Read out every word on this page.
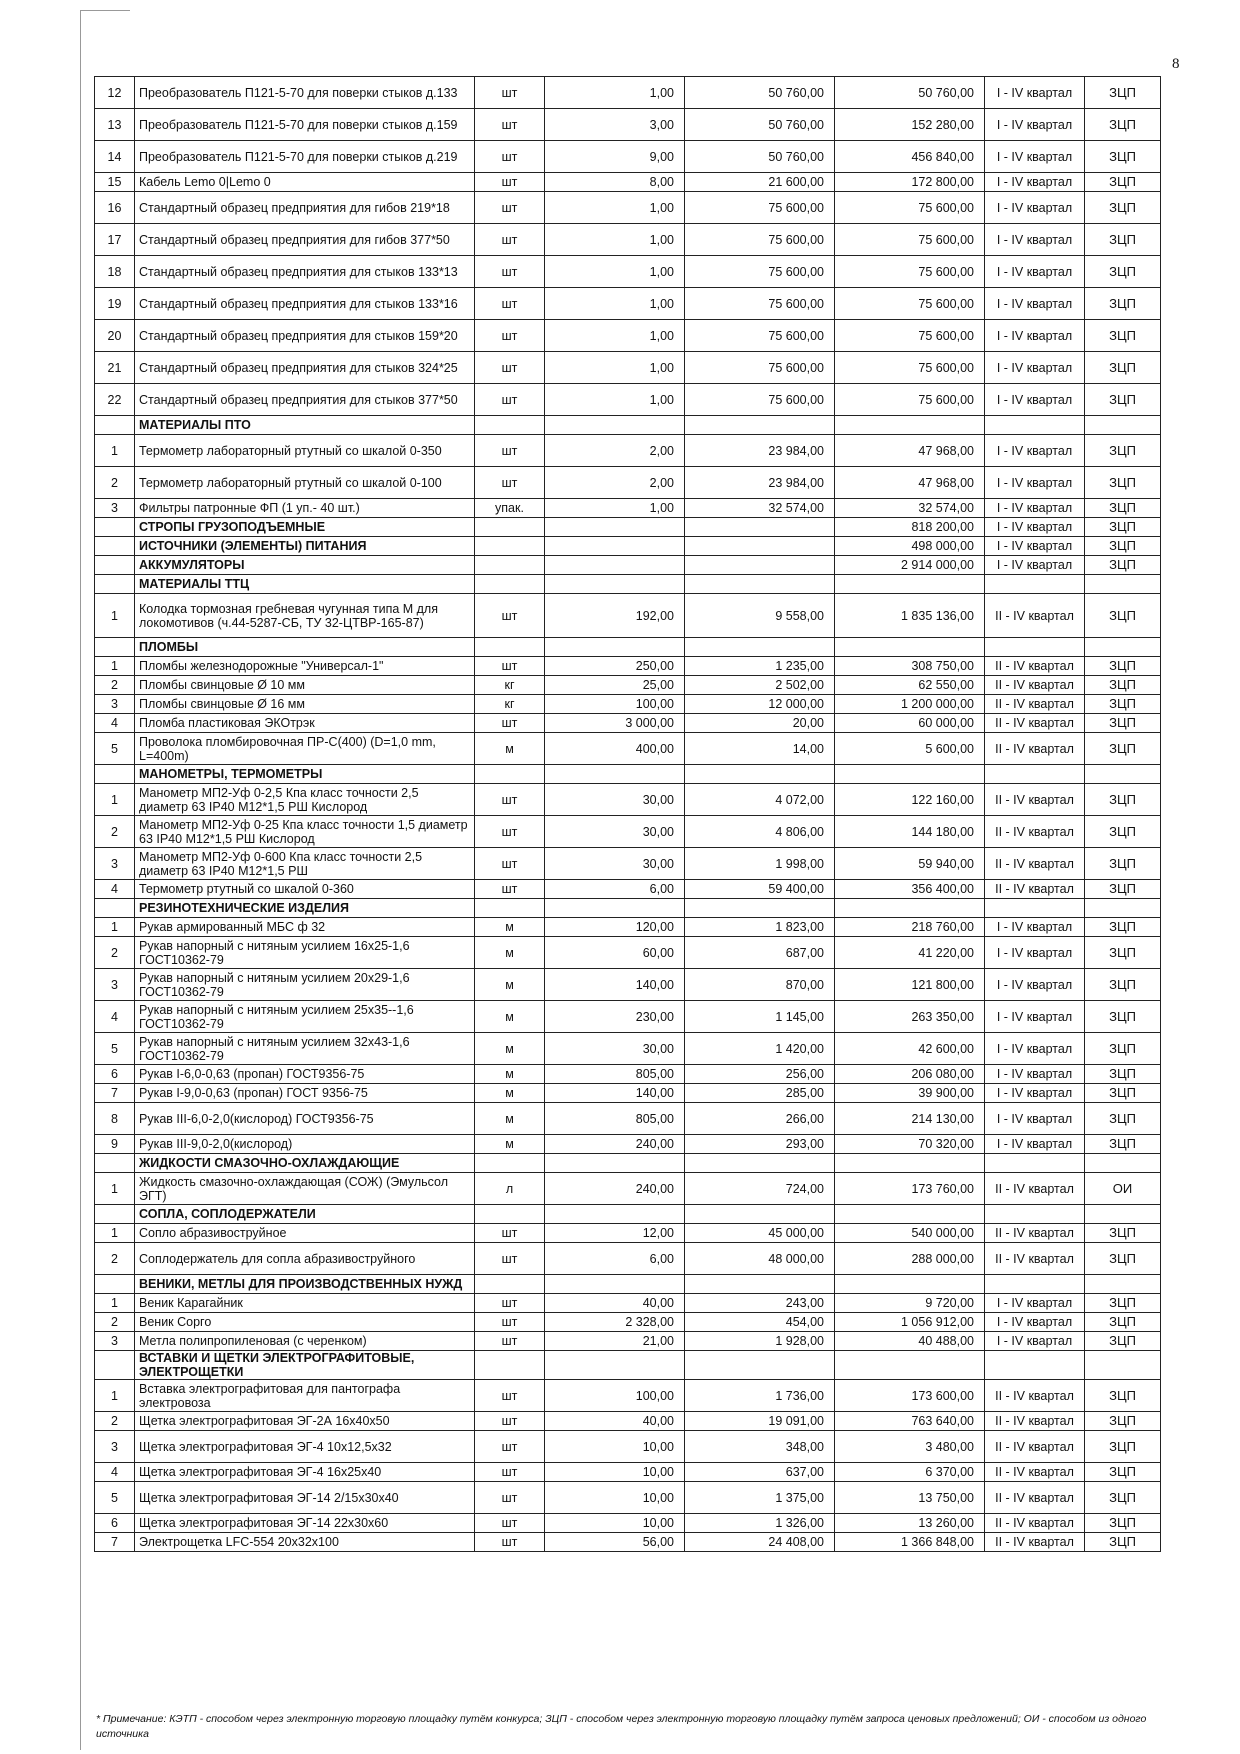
8
12	Преобразователь П121-5-70 для поверки стыков д.133	шт	1,00	50 760,00	50 760,00	I - IV квартал	ЗЦП
13	Преобразователь П121-5-70 для поверки стыков д.159	шт	3,00	50 760,00	152 280,00	I - IV квартал	ЗЦП
14	Преобразователь П121-5-70 для поверки стыков д.219	шт	9,00	50 760,00	456 840,00	I - IV квартал	ЗЦП
15	Кабель Lemo 0|Lemo 0	шт	8,00	21 600,00	172 800,00	I - IV квартал	ЗЦП
16	Стандартный образец предприятия для гибов 219*18	шт	1,00	75 600,00	75 600,00	I - IV квартал	ЗЦП
17	Стандартный образец предприятия для гибов 377*50	шт	1,00	75 600,00	75 600,00	I - IV квартал	ЗЦП
18	Стандартный образец предприятия для стыков 133*13	шт	1,00	75 600,00	75 600,00	I - IV квартал	ЗЦП
19	Стандартный образец предприятия для стыков 133*16	шт	1,00	75 600,00	75 600,00	I - IV квартал	ЗЦП
20	Стандартный образец предприятия для стыков 159*20	шт	1,00	75 600,00	75 600,00	I - IV квартал	ЗЦП
21	Стандартный образец предприятия для стыков 324*25	шт	1,00	75 600,00	75 600,00	I - IV квартал	ЗЦП
22	Стандартный образец предприятия для стыков 377*50	шт	1,00	75 600,00	75 600,00	I - IV квартал	ЗЦП
	МАТЕРИАЛЫ ПТО						
1	Термометр лабораторный ртутный со шкалой 0-350	шт	2,00	23 984,00	47 968,00	I - IV квартал	ЗЦП
2	Термометр лабораторный ртутный со шкалой 0-100	шт	2,00	23 984,00	47 968,00	I - IV квартал	ЗЦП
3	Фильтры патронные ФП (1 уп.- 40 шт.)	упак.	1,00	32 574,00	32 574,00	I - IV квартал	ЗЦП
	СТРОПЫ ГРУЗОПОДЪЕМНЫЕ				818 200,00	I - IV квартал	ЗЦП
	ИСТОЧНИКИ (ЭЛЕМЕНТЫ) ПИТАНИЯ				498 000,00	I - IV квартал	ЗЦП
	АККУМУЛЯТОРЫ				2 914 000,00	I - IV квартал	ЗЦП
	МАТЕРИАЛЫ ТТЦ						
1	Колодка тормозная гребневая чугунная типа М для локомотивов (ч.44-5287-СБ, ТУ 32-ЦТВР-165-87)	шт	192,00	9 558,00	1 835 136,00	II - IV квартал	ЗЦП
	ПЛОМБЫ						
1	Пломбы железнодорожные "Универсал-1"	шт	250,00	1 235,00	308 750,00	II - IV квартал	ЗЦП
2	Пломбы свинцовые Ø 10 мм	кг	25,00	2 502,00	62 550,00	II - IV квартал	ЗЦП
3	Пломбы свинцовые Ø 16 мм	кг	100,00	12 000,00	1 200 000,00	II - IV квартал	ЗЦП
4	Пломба пластиковая ЭКОтрэк	шт	3 000,00	20,00	60 000,00	II - IV квартал	ЗЦП
5	Проволока пломбировочная ПР-С(400) (D=1,0 mm, L=400m)	м	400,00	14,00	5 600,00	II - IV квартал	ЗЦП
	МАНОМЕТРЫ, ТЕРМОМЕТРЫ						
1	Манометр МП2-Уф 0-2,5 Кпа класс точности 2,5 диаметр 63 IP40 M12*1,5 РШ Кислород	шт	30,00	4 072,00	122 160,00	II - IV квартал	ЗЦП
2	Манометр МП2-Уф 0-25 Кпа класс точности 1,5 диаметр 63 IP40 M12*1,5 РШ Кислород	шт	30,00	4 806,00	144 180,00	II - IV квартал	ЗЦП
3	Манометр МП2-Уф 0-600 Кпа класс точности 2,5 диаметр 63 IP40 M12*1,5 РШ	шт	30,00	1 998,00	59 940,00	II - IV квартал	ЗЦП
4	Термометр ртутный со шкалой 0-360	шт	6,00	59 400,00	356 400,00	II - IV квартал	ЗЦП
	РЕЗИНОТЕХНИЧЕСКИЕ ИЗДЕЛИЯ						
1	Рукав армированный МБС ф 32	м	120,00	1 823,00	218 760,00	I - IV квартал	ЗЦП
2	Рукав напорный с нитяным усилием 16х25-1,6 ГОСТ10362-79	м	60,00	687,00	41 220,00	I - IV квартал	ЗЦП
3	Рукав напорный с нитяным усилием 20х29-1,6 ГОСТ10362-79	м	140,00	870,00	121 800,00	I - IV квартал	ЗЦП
4	Рукав напорный с нитяным усилием 25х35--1,6 ГОСТ10362-79	м	230,00	1 145,00	263 350,00	I - IV квартал	ЗЦП
5	Рукав напорный с нитяным усилием 32х43-1,6 ГОСТ10362-79	м	30,00	1 420,00	42 600,00	I - IV квартал	ЗЦП
6	Рукав I-6,0-0,63 (пропан) ГОСТ9356-75	м	805,00	256,00	206 080,00	I - IV квартал	ЗЦП
7	Рукав I-9,0-0,63 (пропан) ГОСТ 9356-75	м	140,00	285,00	39 900,00	I - IV квартал	ЗЦП
8	Рукав III-6,0-2,0(кислород) ГОСТ9356-75	м	805,00	266,00	214 130,00	I - IV квартал	ЗЦП
9	Рукав III-9,0-2,0(кислород)	м	240,00	293,00	70 320,00	I - IV квартал	ЗЦП
	ЖИДКОСТИ СМАЗОЧНО-ОХЛАЖДАЮЩИЕ						
1	Жидкость смазочно-охлаждающая (СОЖ) (Эмульсол ЭГТ)	л	240,00	724,00	173 760,00	II - IV квартал	ОИ
	СОПЛА, СОПЛОДЕРЖАТЕЛИ						
1	Сопло абразивоструйное	шт	12,00	45 000,00	540 000,00	II - IV квартал	ЗЦП
2	Соплодержатель для сопла абразивоструйного	шт	6,00	48 000,00	288 000,00	II - IV квартал	ЗЦП
	ВЕНИКИ, МЕТЛЫ ДЛЯ ПРОИЗВОДСТВЕННЫХ НУЖД						
1	Веник Карагайник	шт	40,00	243,00	9 720,00	I - IV квартал	ЗЦП
2	Веник Сорго	шт	2 328,00	454,00	1 056 912,00	I - IV квартал	ЗЦП
3	Метла полипропиленовая (с черенком)	шт	21,00	1 928,00	40 488,00	I - IV квартал	ЗЦП
	ВСТАВКИ И ЩЕТКИ ЭЛЕКТРОГРАФИТОВЫЕ, ЭЛЕКТРОЩЕТКИ						
1	Вставка электрографитовая для пантографа электровоза	шт	100,00	1 736,00	173 600,00	II - IV квартал	ЗЦП
2	Щетка электрографитовая ЭГ-2А 16х40х50	шт	40,00	19 091,00	763 640,00	II - IV квартал	ЗЦП
3	Щетка электрографитовая ЭГ-4 10х12,5х32	шт	10,00	348,00	3 480,00	II - IV квартал	ЗЦП
4	Щетка электрографитовая ЭГ-4 16х25х40	шт	10,00	637,00	6 370,00	II - IV квартал	ЗЦП
5	Щетка электрографитовая ЭГ-14 2/15х30х40	шт	10,00	1 375,00	13 750,00	II - IV квартал	ЗЦП
6	Щетка электрографитовая ЭГ-14 22х30х60	шт	10,00	1 326,00	13 260,00	II - IV квартал	ЗЦП
7	Электрощетка LFC-554 20х32х100	шт	56,00	24 408,00	1 366 848,00	II - IV квартал	ЗЦП
* Примечание: КЭТП - способом через электронную торговую площадку путём конкурса; ЗЦП - способом через электронную торговую площадку путём запроса ценовых предложений; ОИ - способом из одного источника
